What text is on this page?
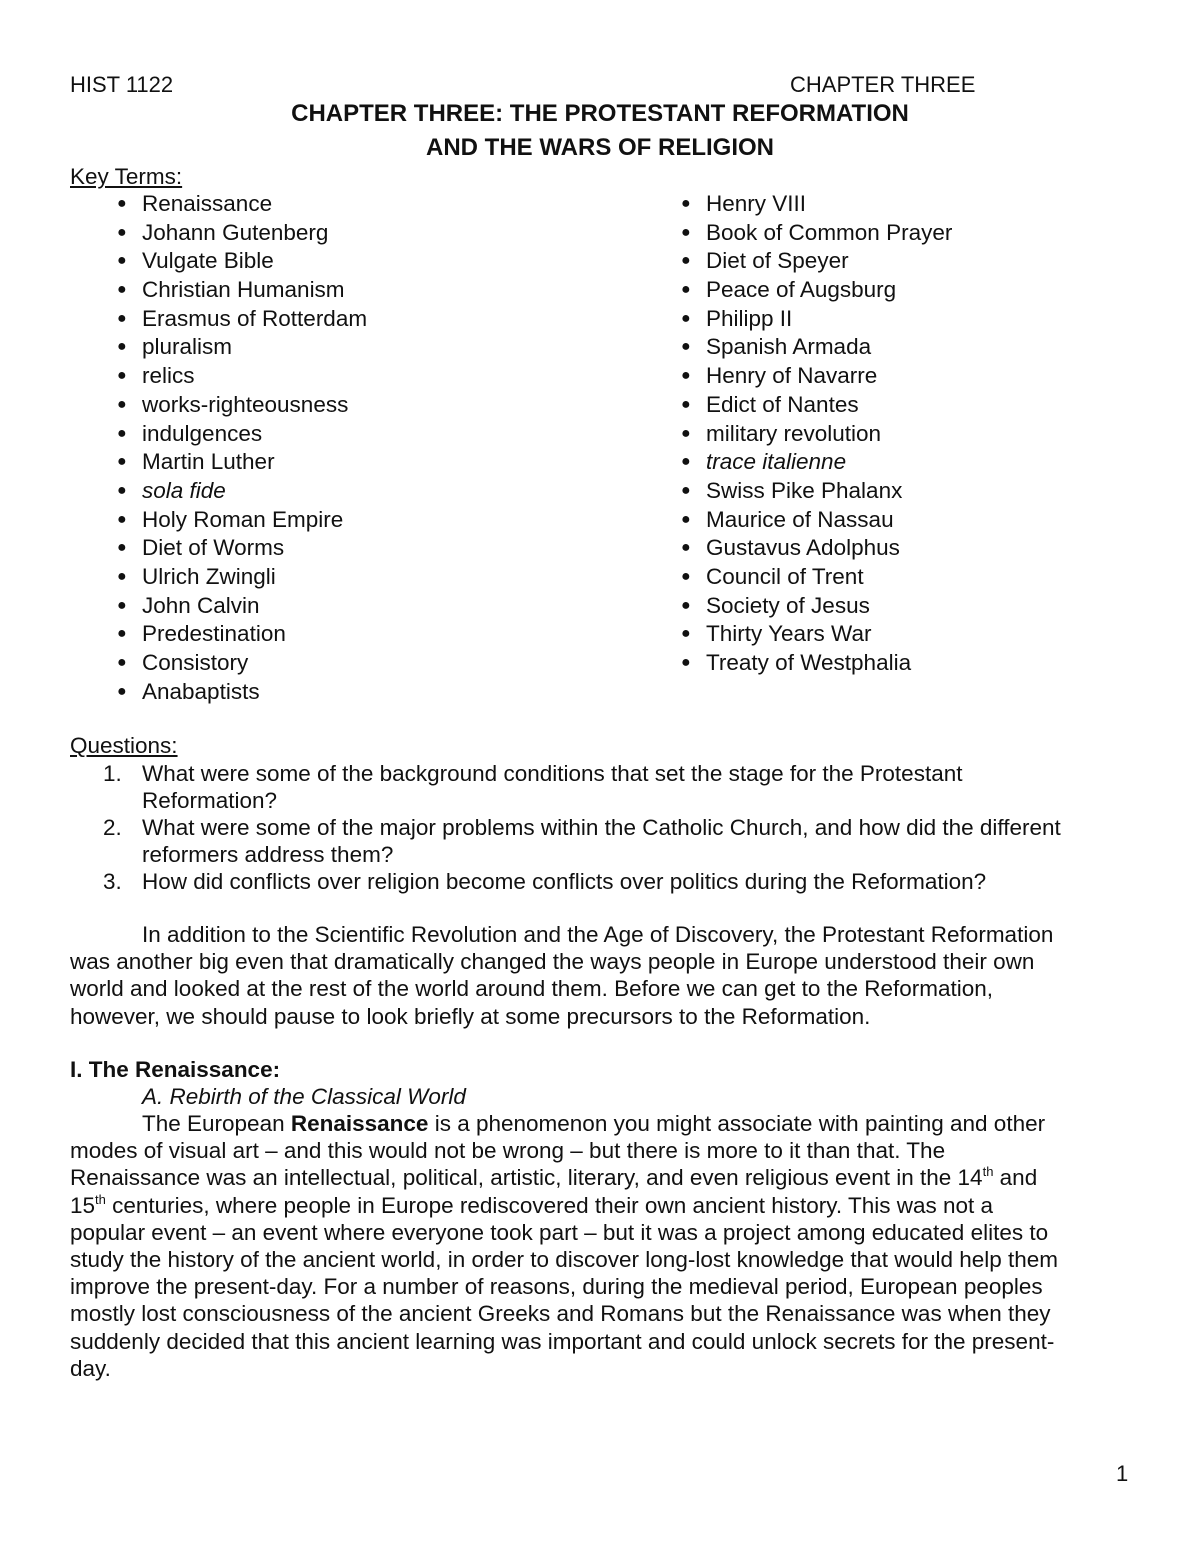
HIST 1122	CHAPTER THREE
CHAPTER THREE: THE PROTESTANT REFORMATION
AND THE WARS OF RELIGION
Key Terms:
● Renaissance
● Johann Gutenberg
● Vulgate Bible
● Christian Humanism
● Erasmus of Rotterdam
● pluralism
● relics
● works-righteousness
● indulgences
● Martin Luther
● sola fide
● Holy Roman Empire
● Diet of Worms
● Ulrich Zwingli
● John Calvin
● Predestination
● Consistory
● Anabaptists
● Henry VIII
● Book of Common Prayer
● Diet of Speyer
● Peace of Augsburg
● Philipp II
● Spanish Armada
● Henry of Navarre
● Edict of Nantes
● military revolution
● trace italienne
● Swiss Pike Phalanx
● Maurice of Nassau
● Gustavus Adolphus
● Council of Trent
● Society of Jesus
● Thirty Years War
● Treaty of Westphalia
Questions:
1. What were some of the background conditions that set the stage for the Protestant
Reformation?
2. What were some of the major problems within the Catholic Church, and how did the different
reformers address them?
3. How did conflicts over religion become conflicts over politics during the Reformation?
In addition to the Scientific Revolution and the Age of Discovery, the Protestant Reformation
was another big even that dramatically changed the ways people in Europe understood their own
world and looked at the rest of the world around them. Before we can get to the Reformation,
however, we should pause to look briefly at some precursors to the Reformation.
I. The Renaissance:
A. Rebirth of the Classical World
The European Renaissance is a phenomenon you might associate with painting and other
modes of visual art – and this would not be wrong – but there is more to it than that. The
Renaissance was an intellectual, political, artistic, literary, and even religious event in the 14th and
15th centuries, where people in Europe rediscovered their own ancient history. This was not a
popular event – an event where everyone took part – but it was a project among educated elites to
study the history of the ancient world, in order to discover long-lost knowledge that would help them
improve the present-day. For a number of reasons, during the medieval period, European peoples
mostly lost consciousness of the ancient Greeks and Romans but the Renaissance was when they
suddenly decided that this ancient learning was important and could unlock secrets for the present-
day.
1
